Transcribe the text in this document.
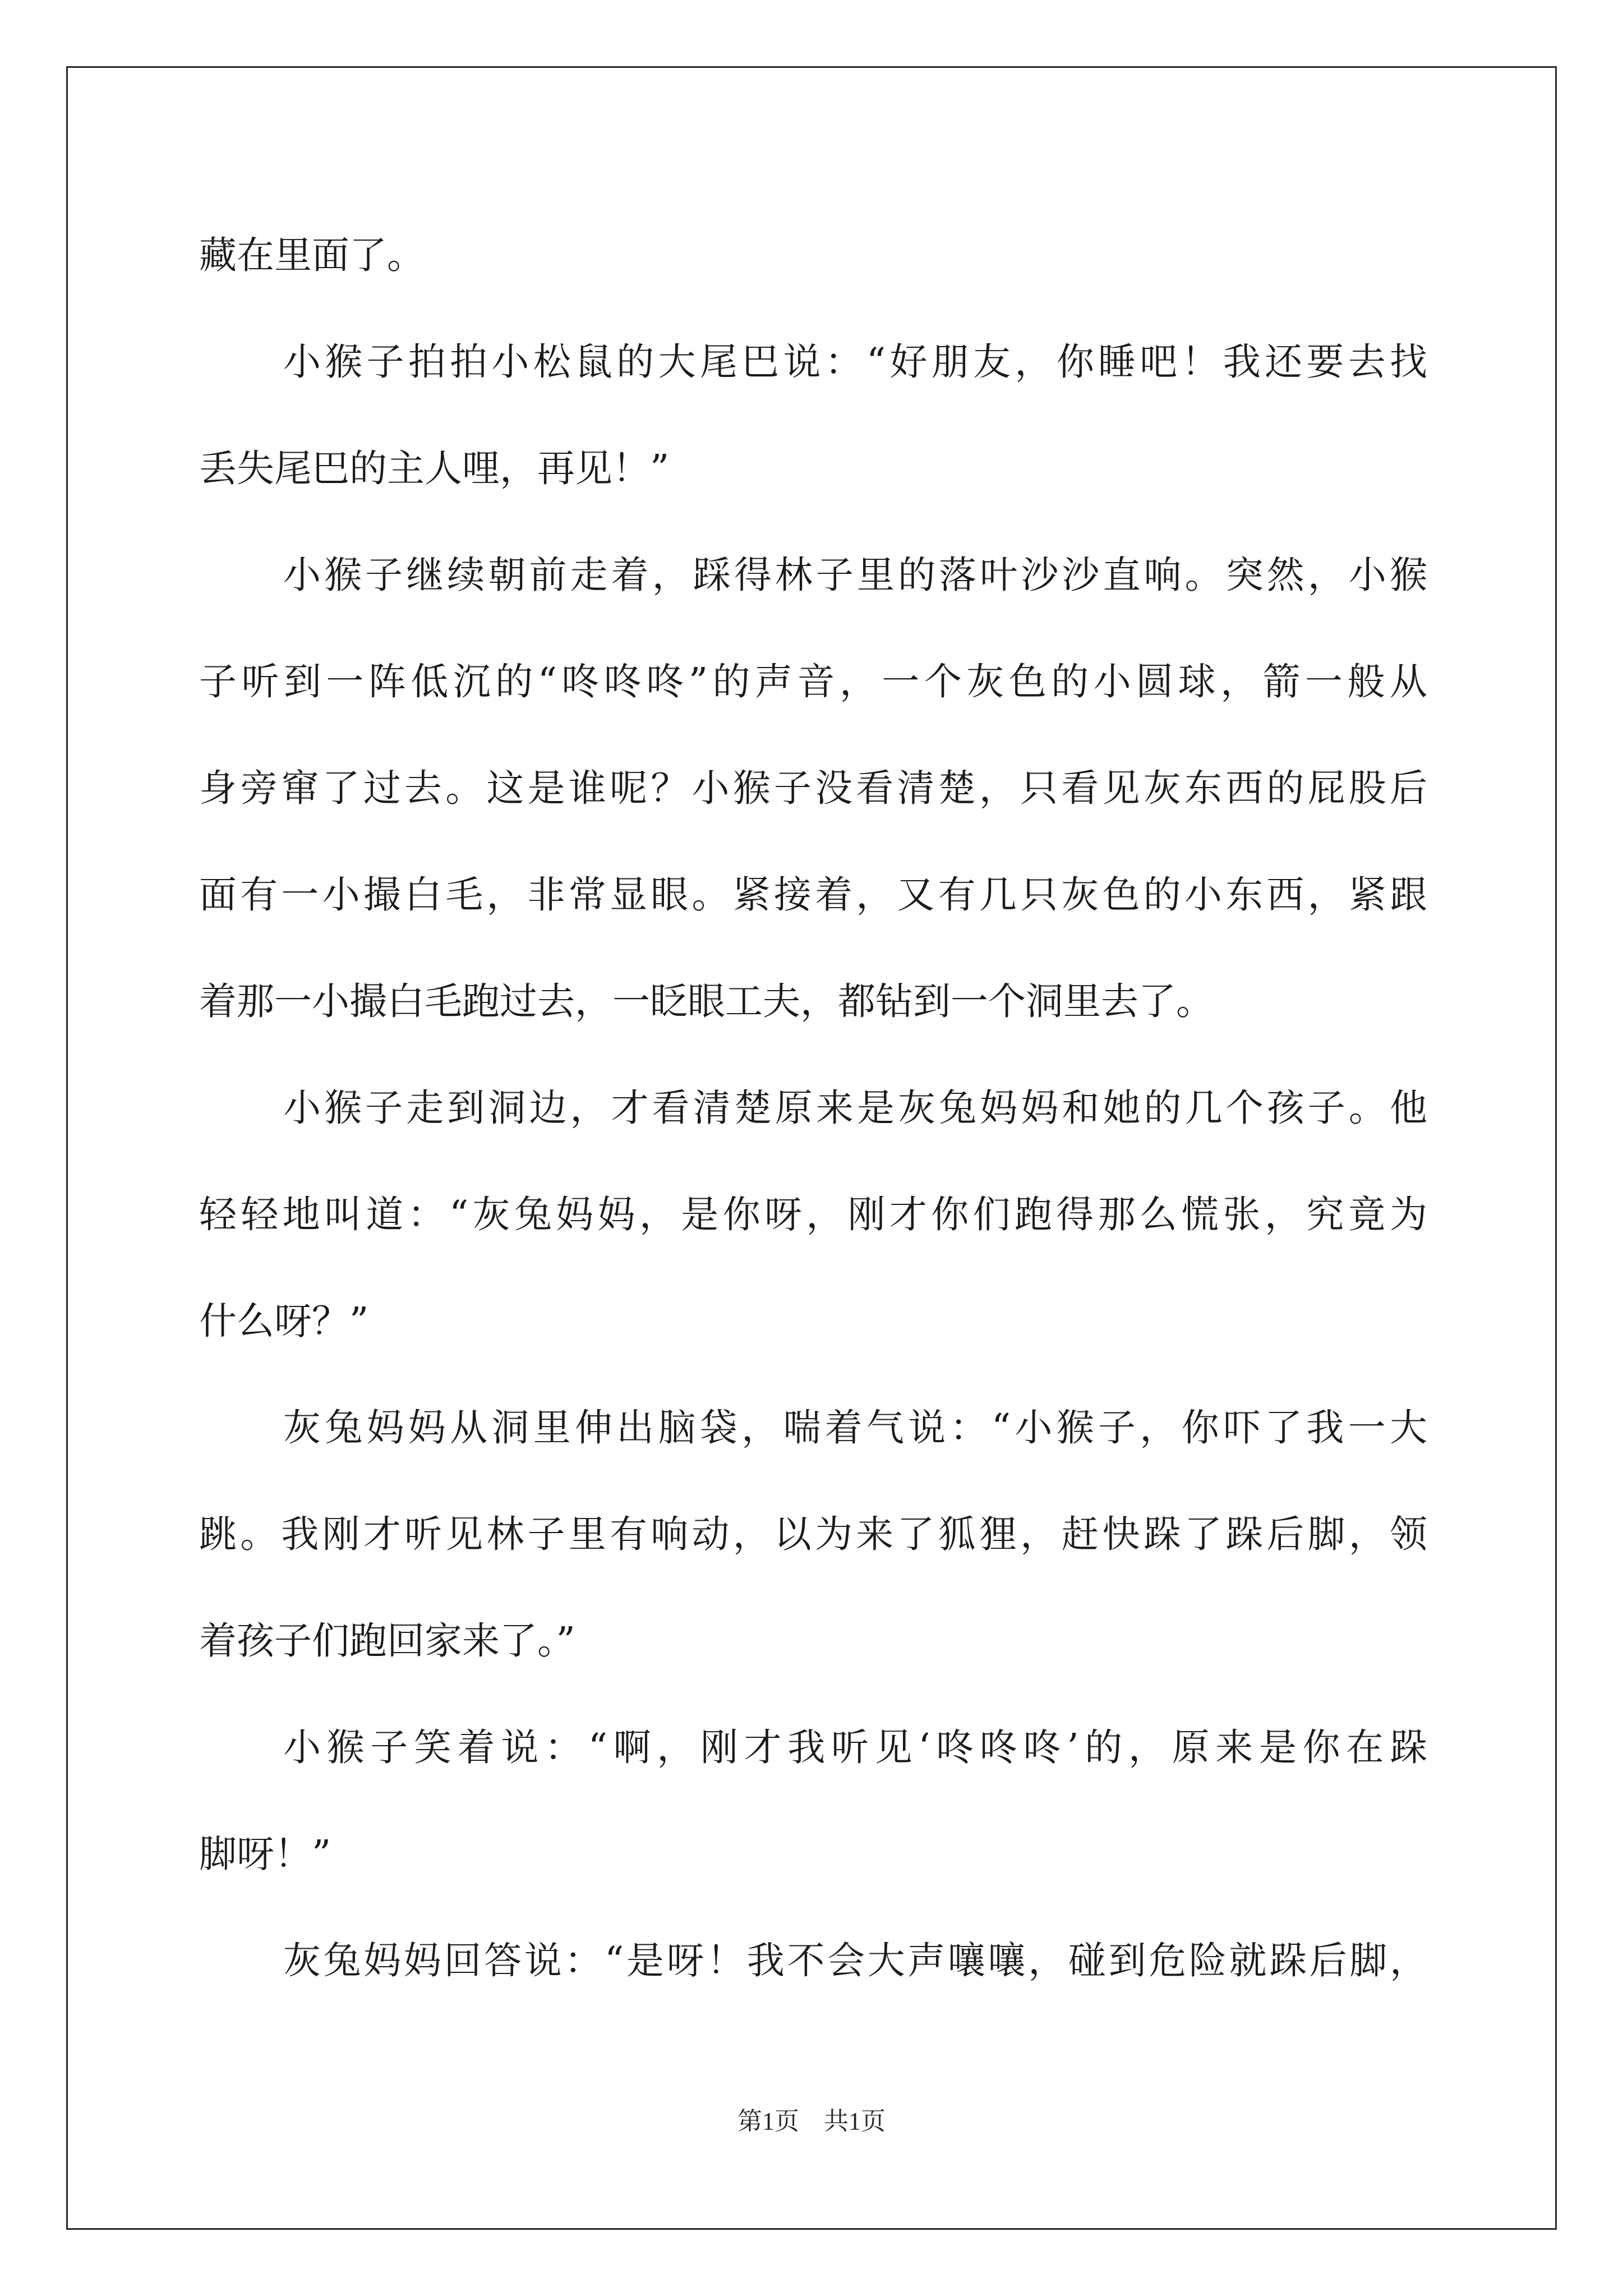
藏在里面了。
小猴子拍拍小松鼠的大尾巴说：“好朋友，你睡吧！我还要去找
丢失尾巴的主人哩，再见！”
小猴子继续朝前走着，踩得林子里的落叶沙沙直响。突然，小猴
子听到一阵低沉的“咚咚咚”的声音，一个灰色的小圆球，箭一般从
身旁窜了过去。这是谁呢？小猴子没看清楚，只看见灰东西的屁股后
面有一小撮白毛，非常显眼。紧接着，又有几只灰色的小东西，紧跟
着那一小撮白毛跑过去，一眨眼工夫，都钻到一个洞里去了。
小猴子走到洞边，才看清楚原来是灰兔妈妈和她的几个孩子。他
轻轻地叫道：“灰兔妈妈，是你呀，刚才你们跑得那么慌张，究竟为
什么呀？”
灰兔妈妈从洞里伸出脑袋，喘着气说：“小猴子，你吓了我一大
跳。我刚才听见林子里有响动，以为来了狐狸，赶快跺了跺后脚，领
着孩子们跑回家来了。”
小猴子笑着说：“啊，刚才我听见‘咚咚咚’的，原来是你在跺
脚呀！”
灰兔妈妈回答说：“是呀！我不会大声嚷嚷，碰到危险就跺后脚，
第1页　共1页
